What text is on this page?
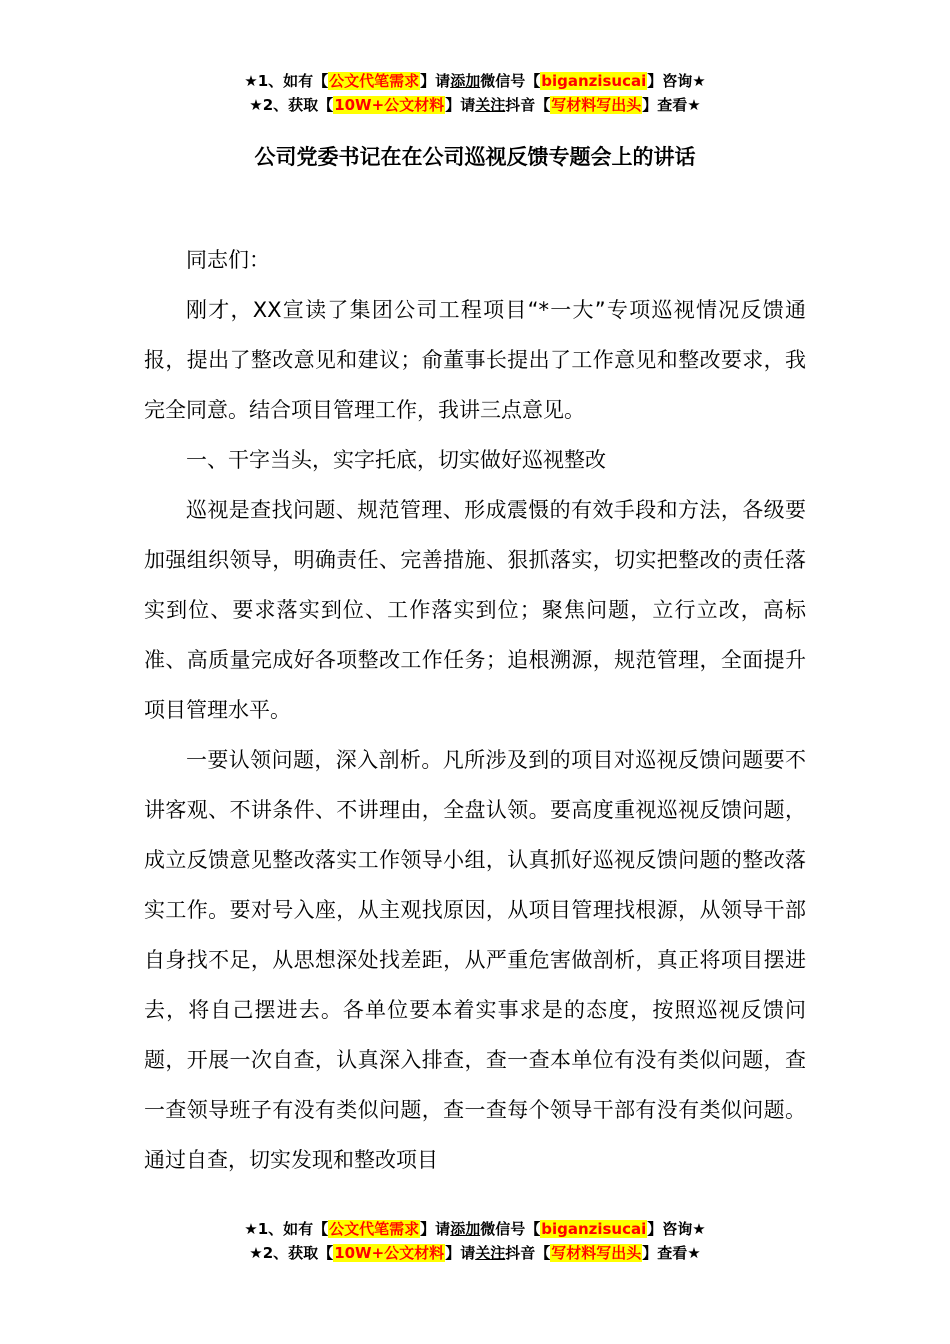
★1、如有【公文代笔需求】请添加微信号【biganzisucai】咨询★
★2、获取【10W+公文材料】请关注抖音【写材料写出头】查看★
公司党委书记在在公司巡视反馈专题会上的讲话

同志们：

刚才，XX宣读了集团公司工程项目“*一大”专项巡视情况反馈通报，提出了整改意见和建议；俞董事长提出了工作意见和整改要求，我完全同意。结合项目管理工作，我讲三点意见。

一、干字当头，实字托底，切实做好巡视整改

巡视是查找问题、规范管理、形成震慑的有效手段和方法，各级要加强组织领导，明确责任、完善措施、狠抓落实，切实把整改的责任落实到位、要求落实到位、工作落实到位；聚焦问题，立行立改，高标准、高质量完成好各项整改工作任务；追根溯源，规范管理，全面提升项目管理水平。

一要认领问题，深入剖析。凡所涉及到的项目对巡视反馈问题要不讲客观、不讲条件、不讲理由，全盘认领。要高度重视巡视反馈问题，成立反馈意见整改落实工作领导小组，认真抓好巡视反馈问题的整改落实工作。要对号入座，从主观找原因，从项目管理找根源，从领导干部自身找不足，从思想深处找差距，从严重危害做剖析，真正将项目摆进去，将自己摆进去。各单位要本着实事求是的态度，按照巡视反馈问题，开展一次自查，认真深入排查，查一查本单位有没有类似问题，查一查领导班子有没有类似问题，查一查每个领导干部有没有类似问题。通过自查，切实发现和整改项目

★1、如有【公文代笔需求】请添加微信号【biganzisucai】咨询★
★2、获取【10W+公文材料】请关注抖音【写材料写出头】查看★
